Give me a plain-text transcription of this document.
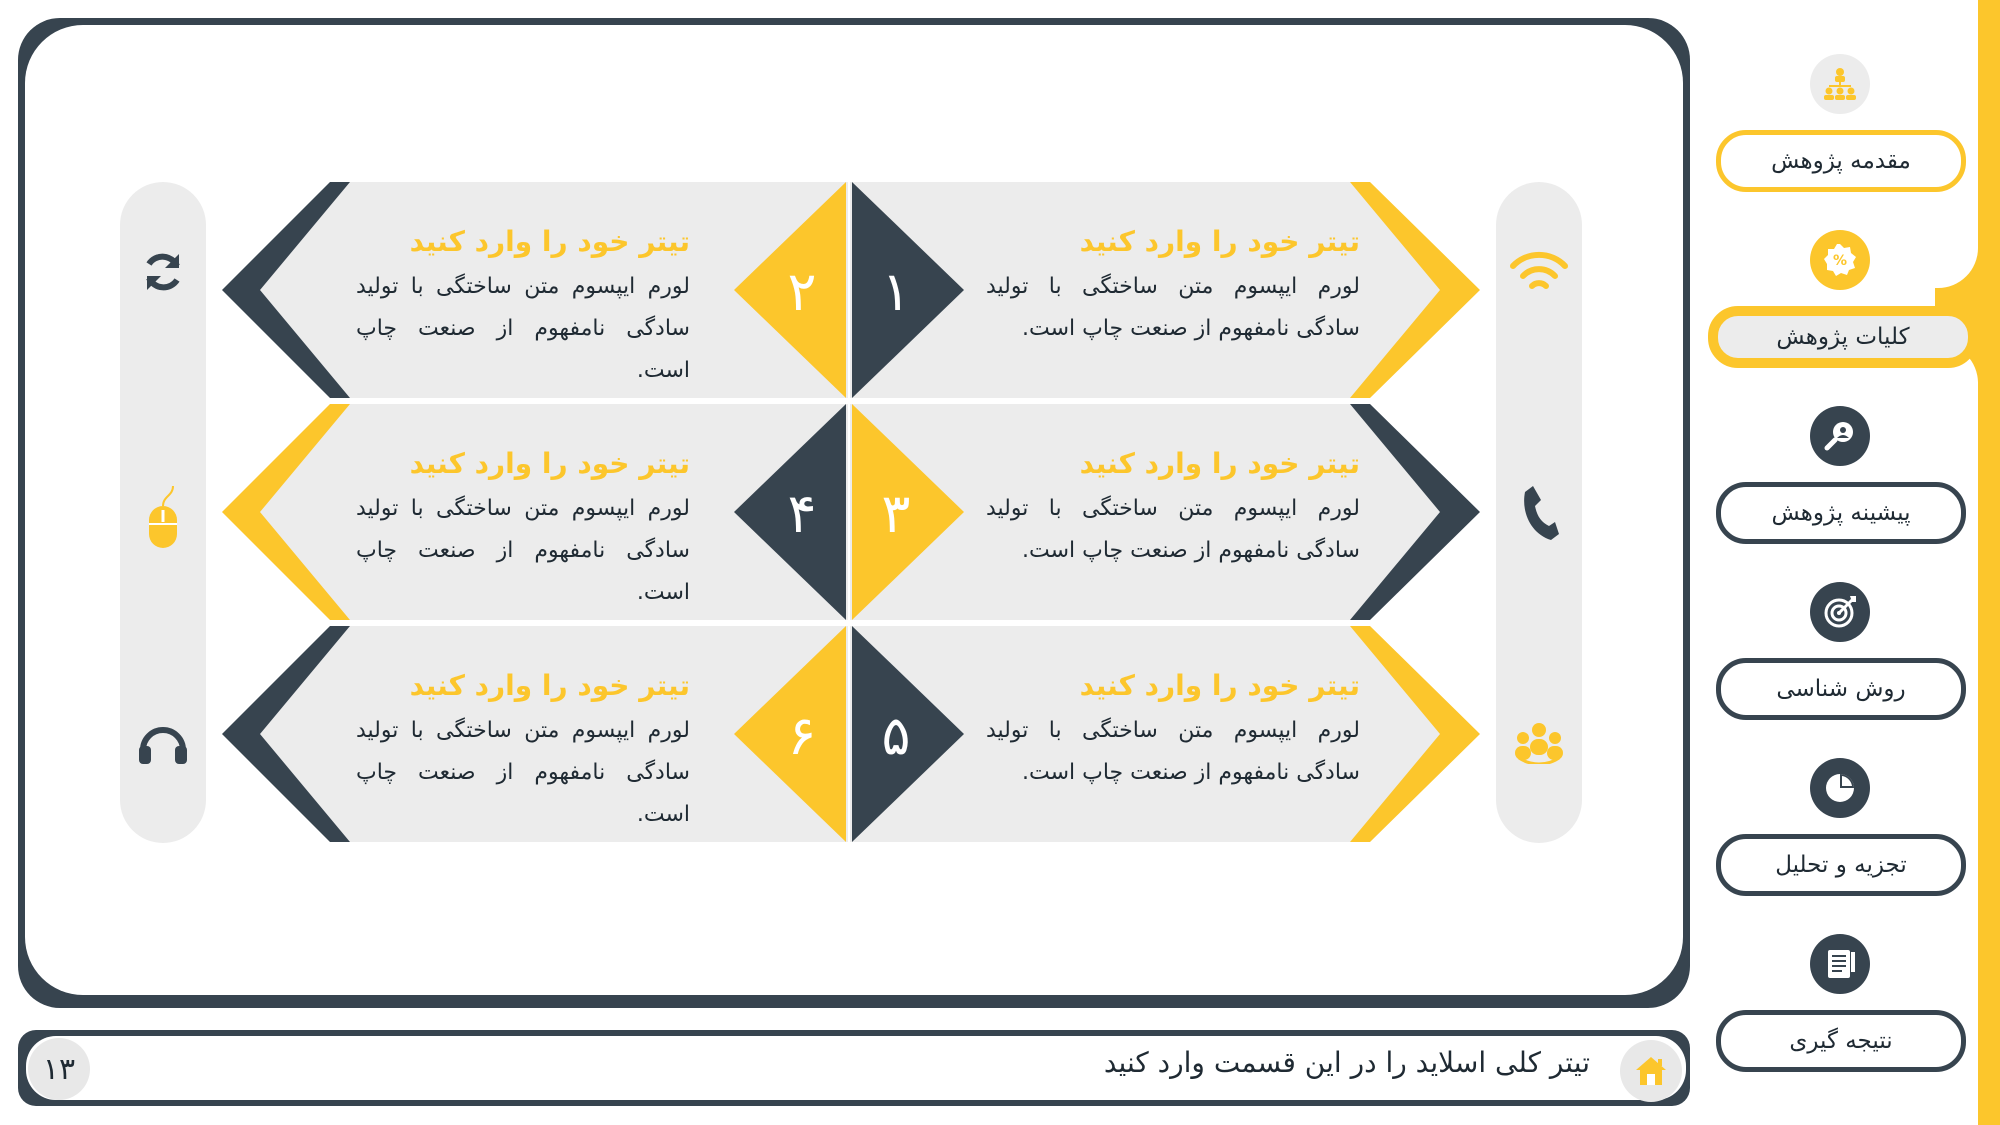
۱
تیتر خود را وارد کنید
لورم ایپسوم متن ساختگی با تولید سادگی نامفهوم از صنعت چاپ است.
۲
تیتر خود را وارد کنید
لورم ایپسوم متن ساختگی با تولید سادگی نامفهوم از صنعت چاپ است.
۳
تیتر خود را وارد کنید
لورم ایپسوم متن ساختگی با تولید سادگی نامفهوم از صنعت چاپ است.
۴
تیتر خود را وارد کنید
لورم ایپسوم متن ساختگی با تولید سادگی نامفهوم از صنعت چاپ است.
۵
تیتر خود را وارد کنید
لورم ایپسوم متن ساختگی با تولید سادگی نامفهوم از صنعت چاپ است.
۶
تیتر خود را وارد کنید
لورم ایپسوم متن ساختگی با تولید سادگی نامفهوم از صنعت چاپ است.
مقدمه پژوهش
%
کلیات پژوهش
پیشینه پژوهش
روش شناسی
تجزیه و تحلیل
نتیجه گیری
۱۳	تیتر کلی اسلاید را در این قسمت وارد کنید
